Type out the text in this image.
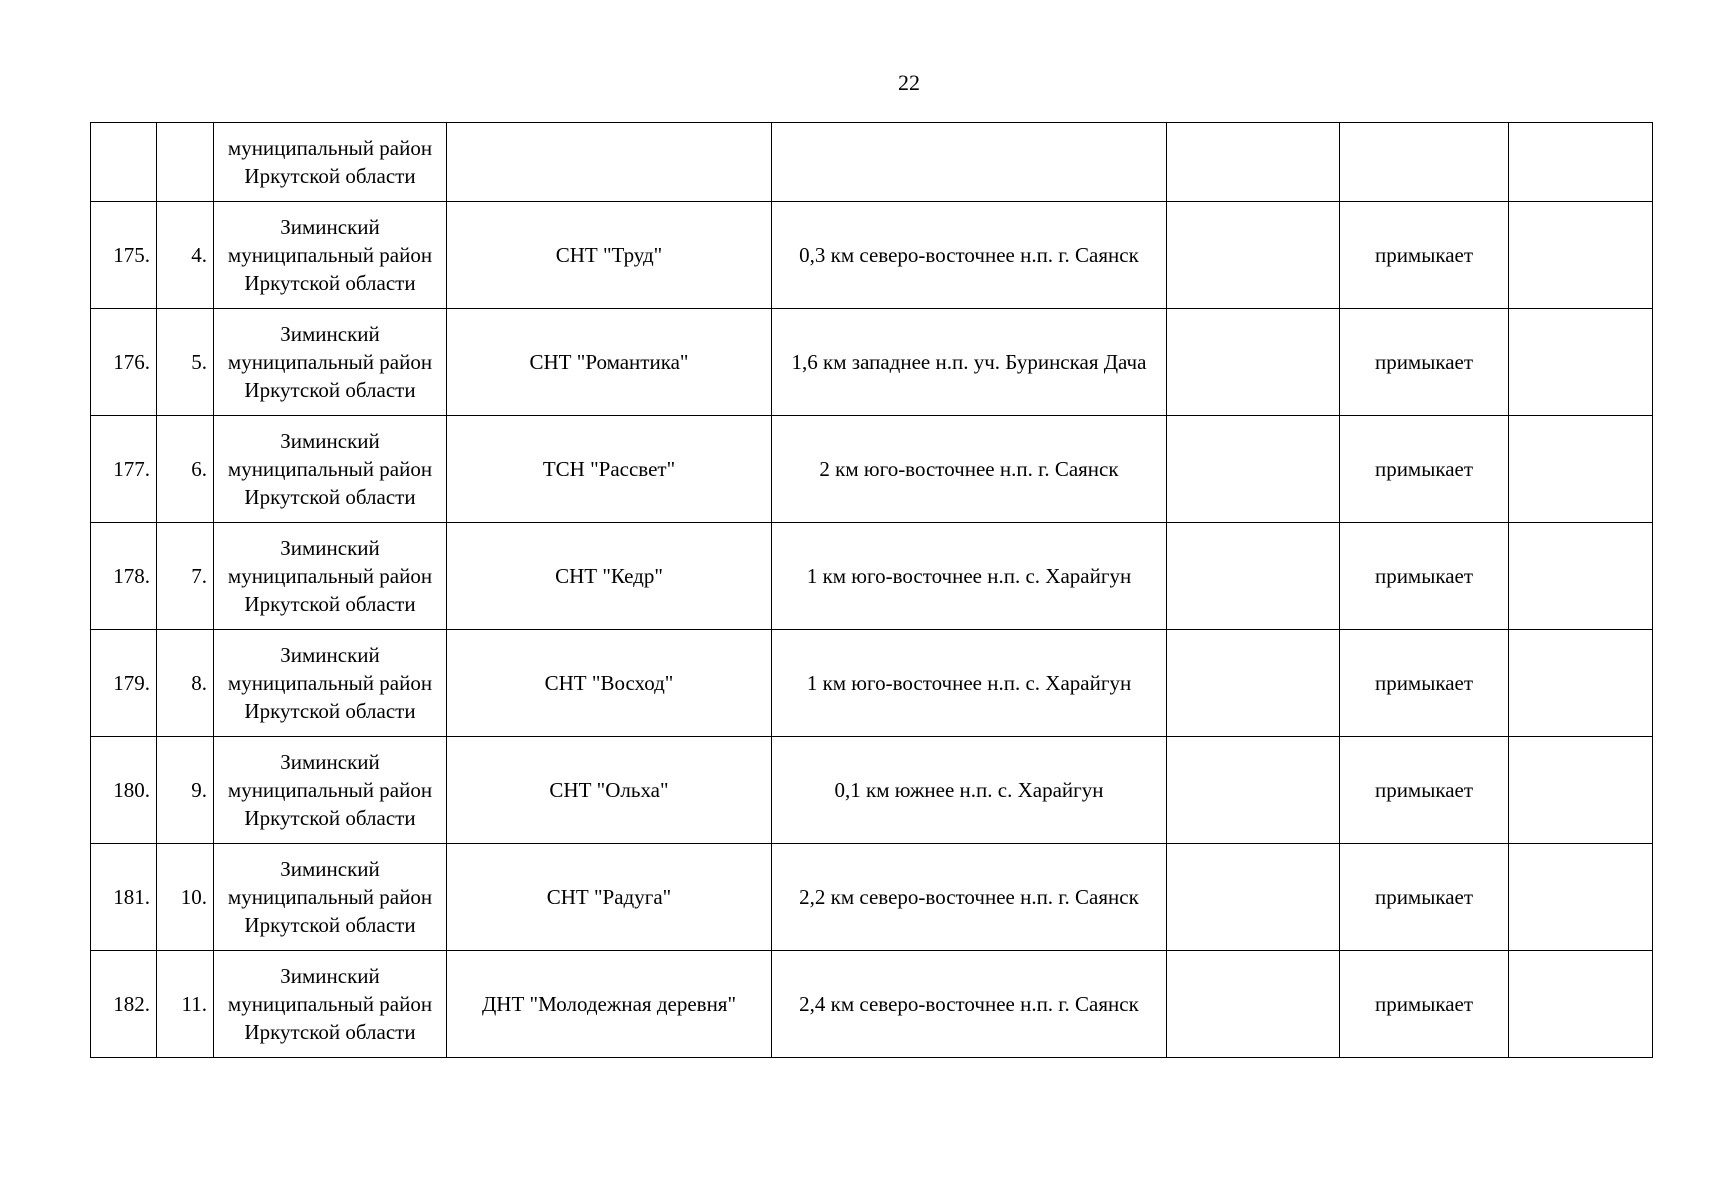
22
		муниципальный район Иркутской области					
175.	4.	Зиминский муниципальный район Иркутской области	СНТ "Труд"	0,3 км северо-восточнее н.п. г. Саянск		примыкает	
176.	5.	Зиминский муниципальный район Иркутской области	СНТ "Романтика"	1,6 км западнее н.п. уч. Буринская Дача		примыкает	
177.	6.	Зиминский муниципальный район Иркутской области	ТСН "Рассвет"	2 км юго-восточнее н.п. г. Саянск		примыкает	
178.	7.	Зиминский муниципальный район Иркутской области	СНТ "Кедр"	1 км юго-восточнее н.п. с. Харайгун		примыкает	
179.	8.	Зиминский муниципальный район Иркутской области	СНТ "Восход"	1 км юго-восточнее н.п. с. Харайгун		примыкает	
180.	9.	Зиминский муниципальный район Иркутской области	СНТ "Ольха"	0,1 км южнее н.п. с. Харайгун		примыкает	
181.	10.	Зиминский муниципальный район Иркутской области	СНТ "Радуга"	2,2 км северо-восточнее н.п. г. Саянск		примыкает	
182.	11.	Зиминский муниципальный район Иркутской области	ДНТ "Молодежная деревня"	2,4 км северо-восточнее н.п. г. Саянск		примыкает	
